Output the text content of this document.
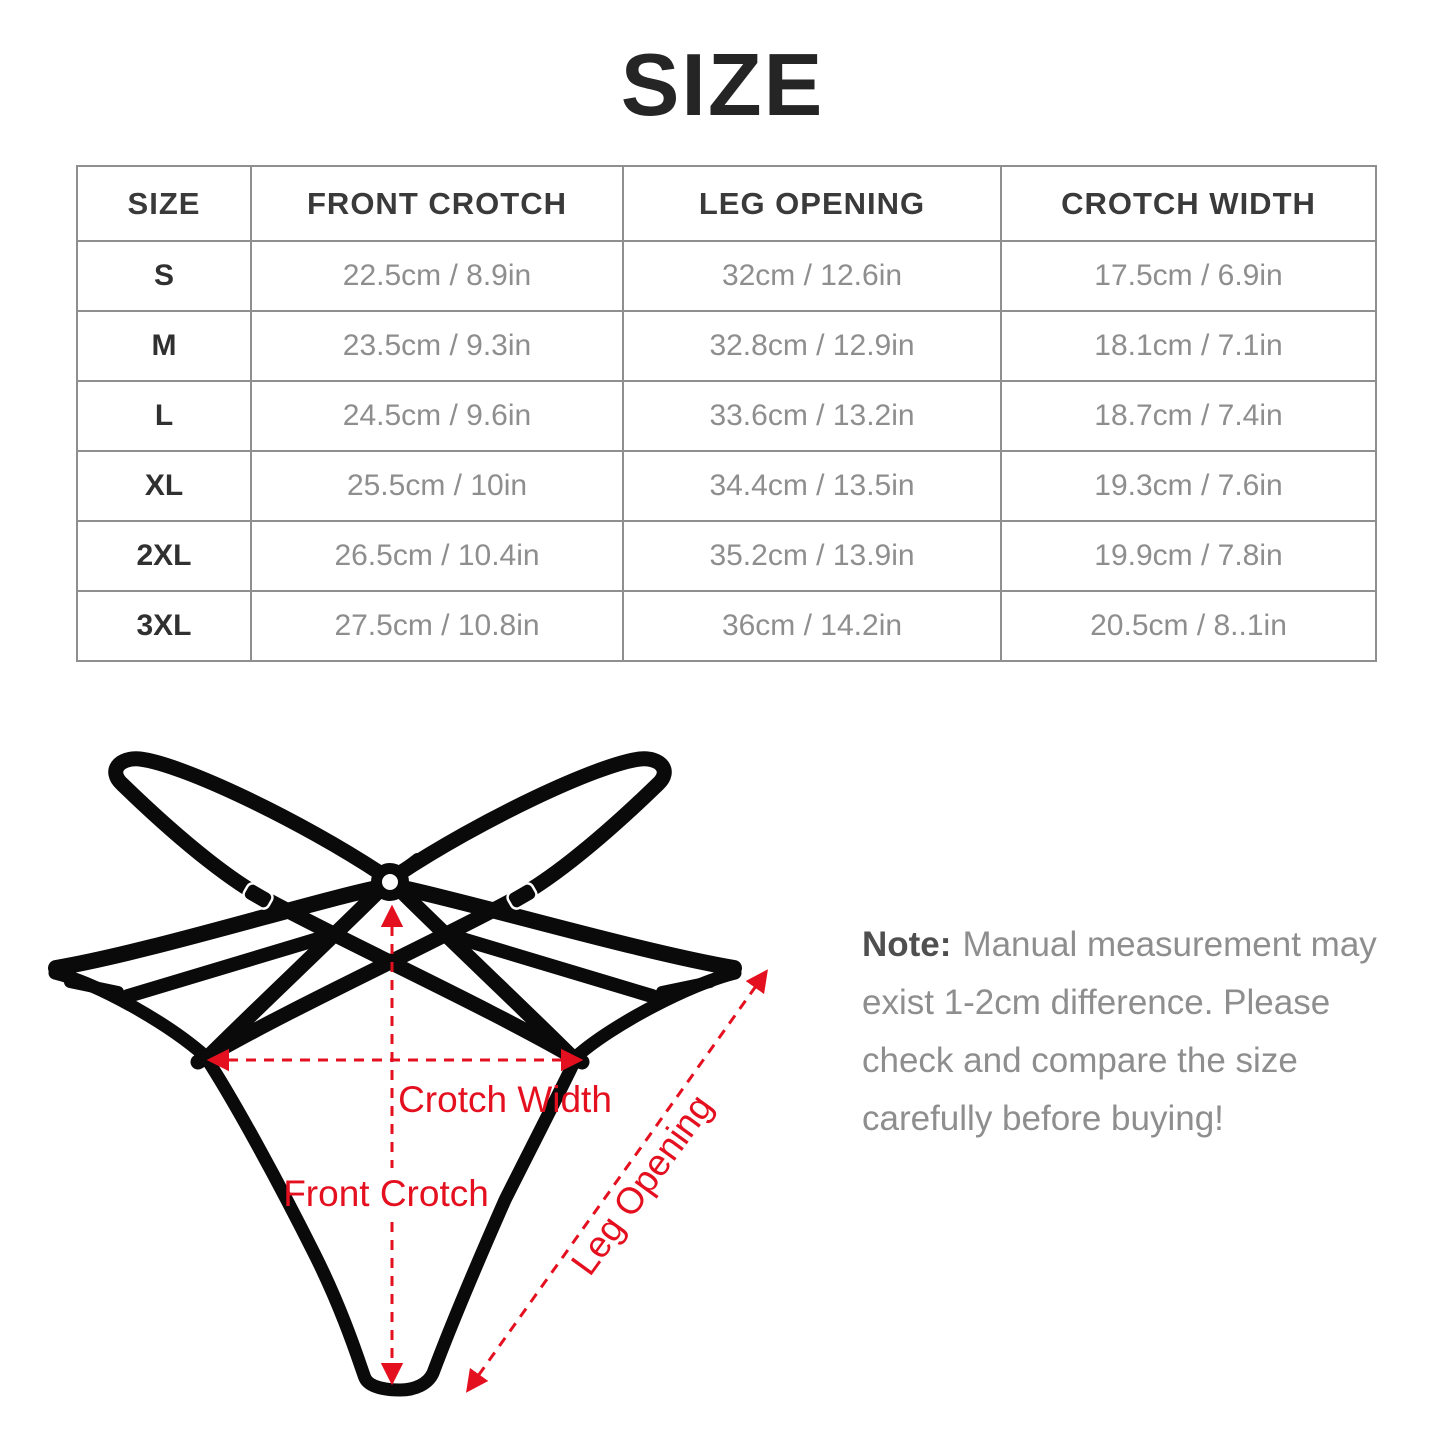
SIZE
SIZE	FRONT CROTCH	LEG OPENING	CROTCH WIDTH
S	22.5cm / 8.9in	32cm / 12.6in	17.5cm / 6.9in
M	23.5cm / 9.3in	32.8cm / 12.9in	18.1cm / 7.1in
L	24.5cm / 9.6in	33.6cm / 13.2in	18.7cm / 7.4in
XL	25.5cm / 10in	34.4cm / 13.5in	19.3cm / 7.6in
2XL	26.5cm / 10.4in	35.2cm / 13.9in	19.9cm / 7.8in
3XL	27.5cm / 10.8in	36cm / 14.2in	20.5cm / 8..1in
Crotch Width
Front Crotch Leg Opening
Note: Manual measurement may
exist 1-2cm difference. Please
check and compare the size
carefully before buying!
